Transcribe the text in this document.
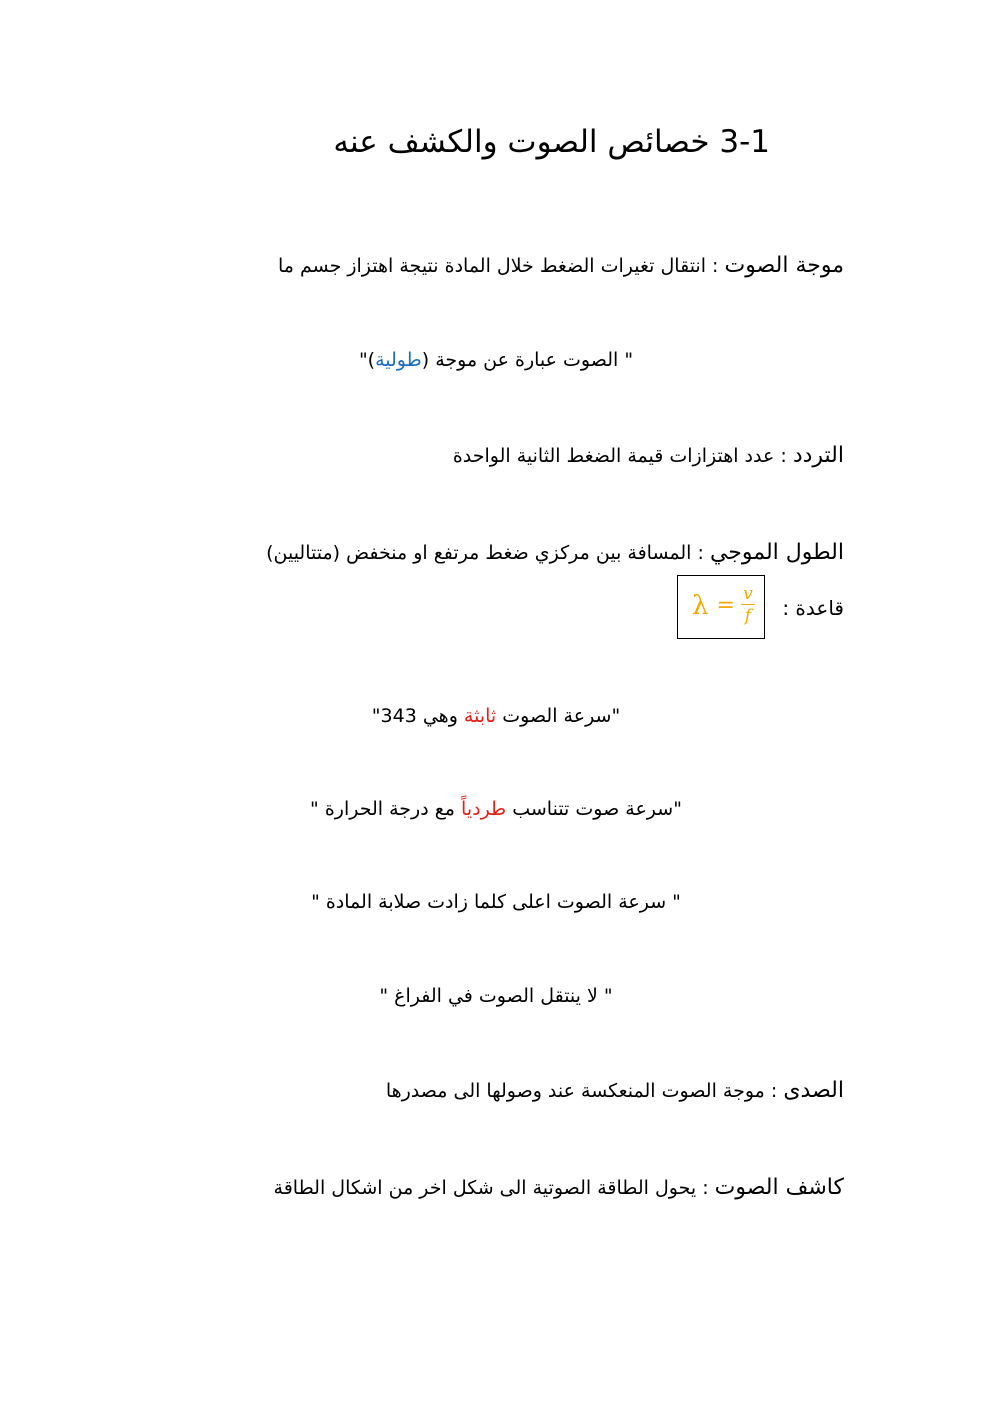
3-1 خصائص الصوت والكشف عنه
موجة الصوت : انتقال تغيرات الضغط خلال المادة نتيجة اهتزاز جسم ما
" الصوت عبارة عن موجة (طولية)"
التردد : عدد اهتزازات قيمة الضغط الثانية الواحدة
الطول الموجي : المسافة بين مركزي ضغط مرتفع او منخفض (متتاليين)
قاعدة :
$\lambda = \frac{v}{f}$
"سرعة الصوت ثابثة وهي 343"
"سرعة صوت تتناسب طردياً مع درجة الحرارة "
" سرعة الصوت اعلى كلما زادت صلابة المادة "
" لا ينتقل الصوت في الفراغ "
الصدى : موجة الصوت المنعكسة عند وصولها الى مصدرها
كاشف الصوت : يحول الطاقة الصوتية الى شكل اخر من اشكال الطاقة
